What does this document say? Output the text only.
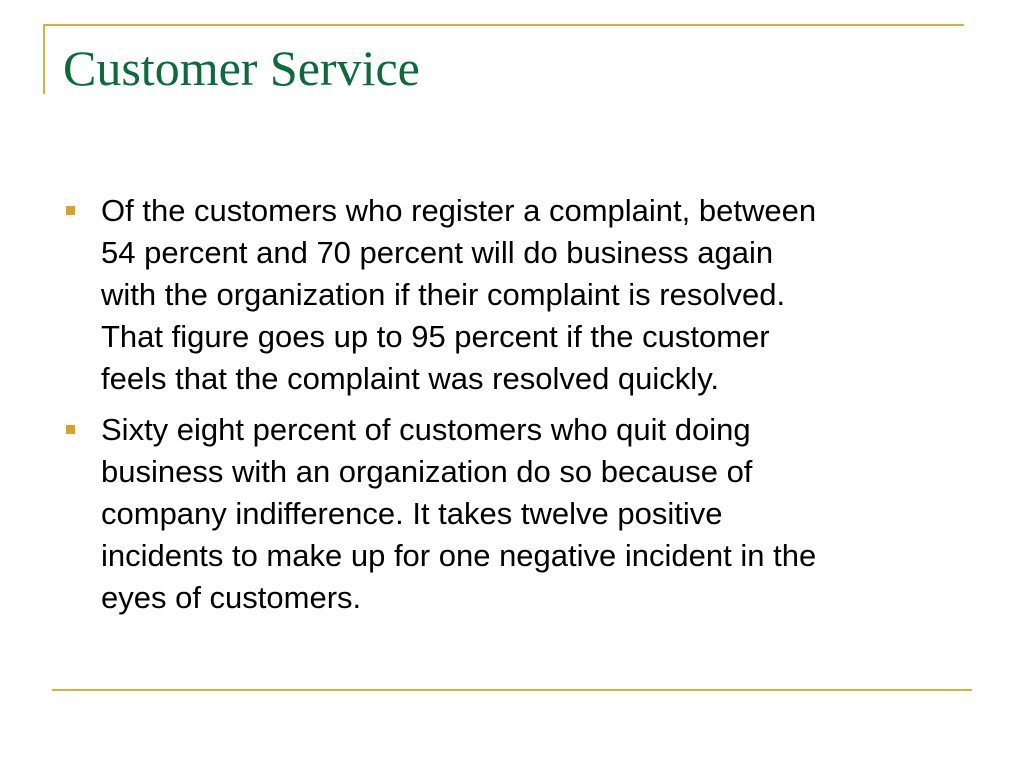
Customer Service
Of the customers who register a complaint, between
54 percent and 70 percent will do business again
with the organization if their complaint is resolved.
That figure goes up to 95 percent if the customer
feels that the complaint was resolved quickly.
Sixty eight percent of customers who quit doing
business with an organization do so because of
company indifference. It takes twelve positive
incidents to make up for one negative incident in the
eyes of customers.
